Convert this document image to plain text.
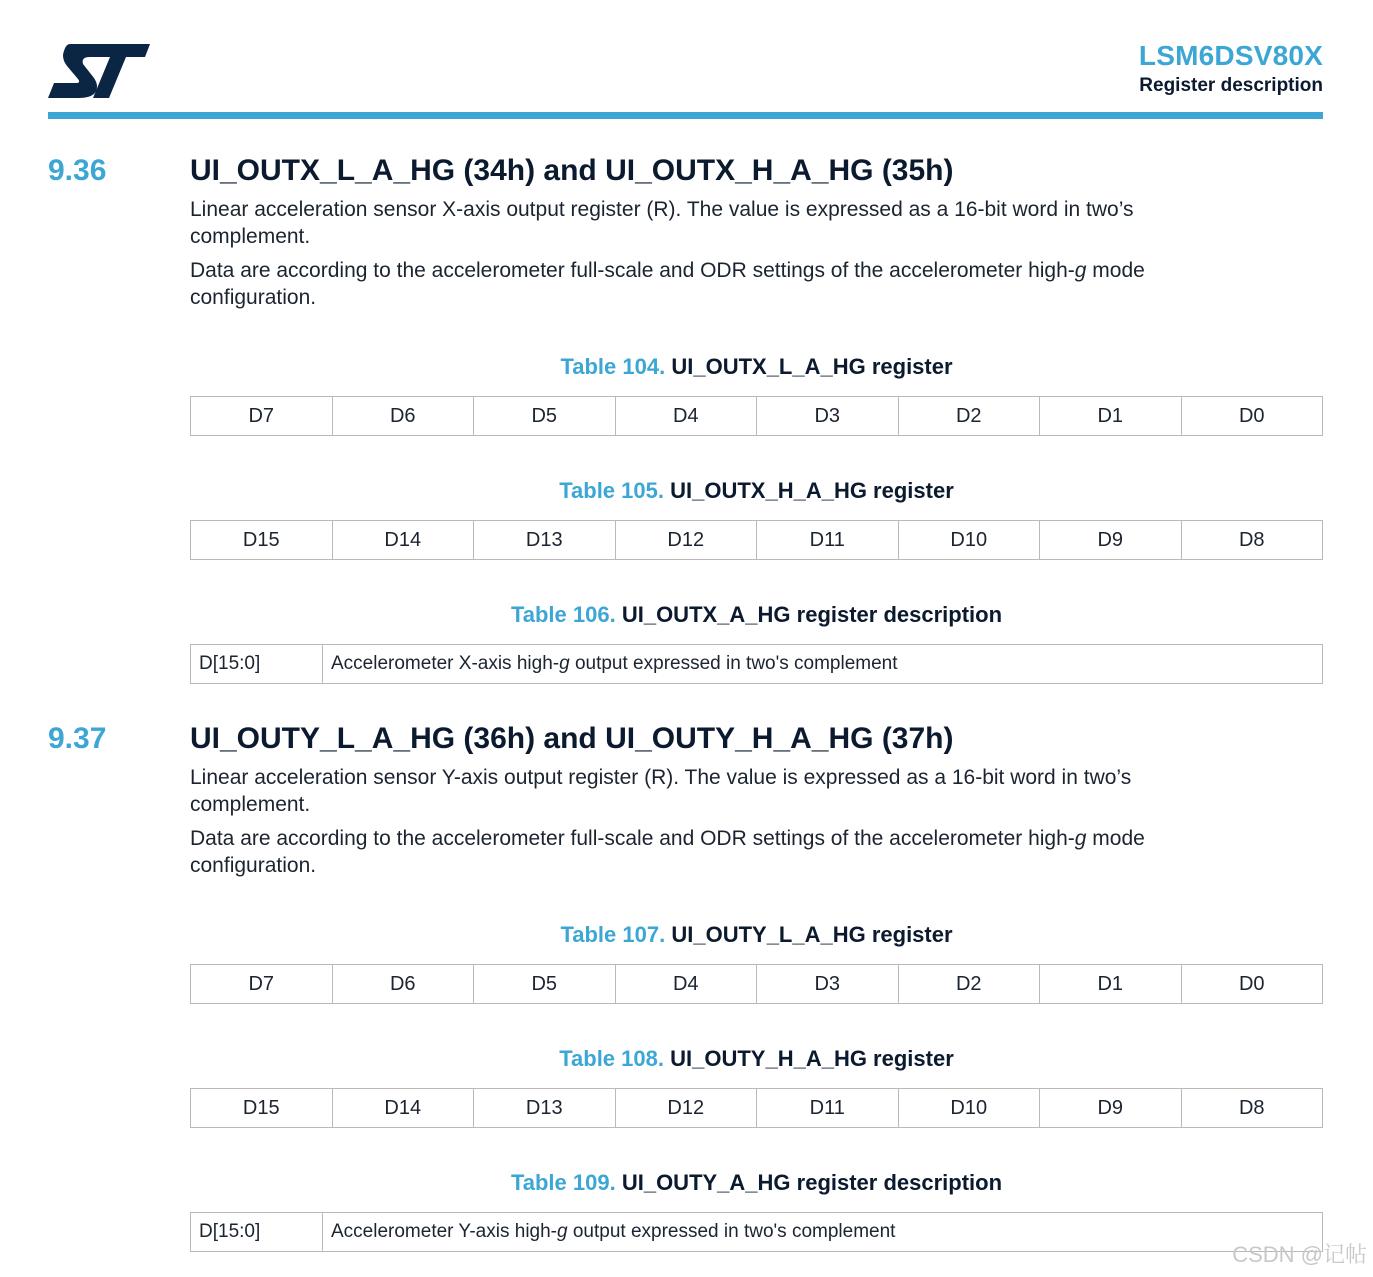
LSM6DSV80X
Register description
9.36	UI_OUTX_L_A_HG (34h) and UI_OUTX_H_A_HG (35h)
Linear acceleration sensor X-axis output register (R). The value is expressed as a 16-bit word in two’s complement.
Data are according to the accelerometer full-scale and ODR settings of the accelerometer high-g mode configuration.
Table 104. UI_OUTX_L_A_HG register
D7	D6	D5	D4	D3	D2	D1	D0
Table 105. UI_OUTX_H_A_HG register
D15	D14	D13	D12	D11	D10	D9	D8
Table 106. UI_OUTX_A_HG register description
D[15:0]	Accelerometer X-axis high-g output expressed in two's complement
9.37	UI_OUTY_L_A_HG (36h) and UI_OUTY_H_A_HG (37h)
Linear acceleration sensor Y-axis output register (R). The value is expressed as a 16-bit word in two’s complement.
Data are according to the accelerometer full-scale and ODR settings of the accelerometer high-g mode configuration.
Table 107. UI_OUTY_L_A_HG register
D7	D6	D5	D4	D3	D2	D1	D0
Table 108. UI_OUTY_H_A_HG register
D15	D14	D13	D12	D11	D10	D9	D8
Table 109. UI_OUTY_A_HG register description
D[15:0]	Accelerometer Y-axis high-g output expressed in two's complement
CSDN @记帖
